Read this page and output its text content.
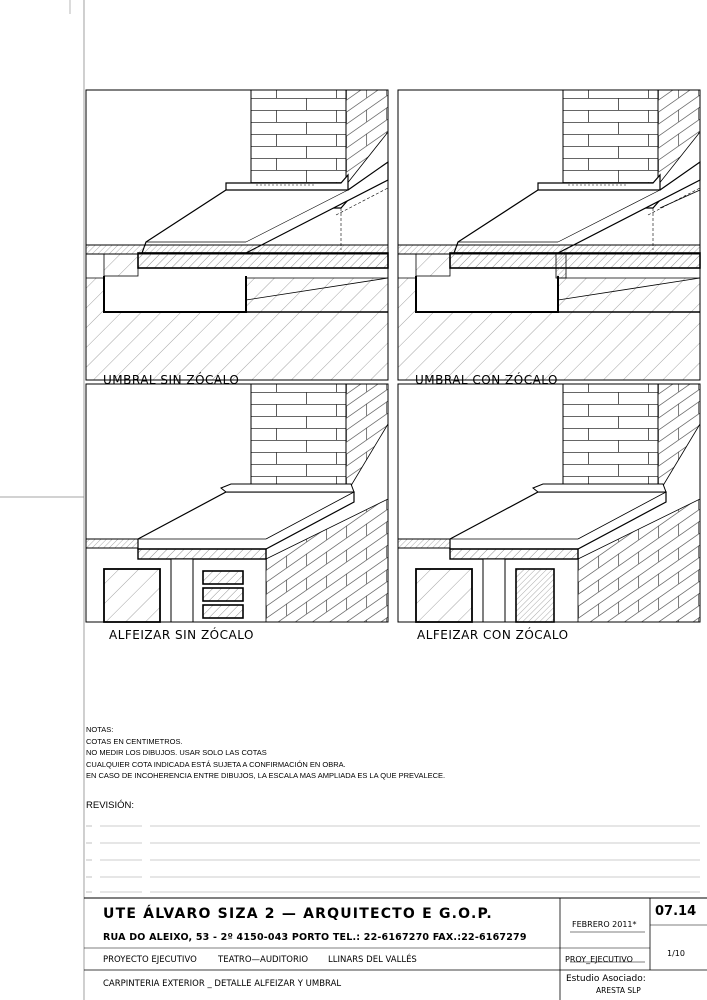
UMBRAL SIN ZÓCALO	UMBRAL CON ZÓCALO
ALFEIZAR SIN ZÓCALO	ALFEIZAR CON ZÓCALO
NOTAS:
COTAS EN CENTIMETROS.
NO MEDIR LOS DIBUJOS. USAR SOLO LAS COTAS
CUALQUIER COTA INDICADA ESTÁ SUJETA A CONFIRMACIÓN EN OBRA.
EN CASO DE INCOHERENCIA ENTRE DIBUJOS, LA ESCALA MAS AMPLIADA ES LA QUE PREVALECE.
REVISIÓN:
UTE ÁLVARO SIZA 2 — ARQUITECTO E G.O.P.
RUA DO ALEIXO, 53 - 2º 4150-043 PORTO TEL.: 22-6167270 FAX.:22-6167279
PROYECTO EJECUTIVO TEATRO—AUDITORIO LLINARS DEL VALLÉS
CARPINTERIA EXTERIOR _ DETALLE ALFEIZAR Y UMBRAL
FEBRERO 2011*
07.14
PROY_EJECUTIVO
1/10
Estudio Asociado:
ARESTA SLP
